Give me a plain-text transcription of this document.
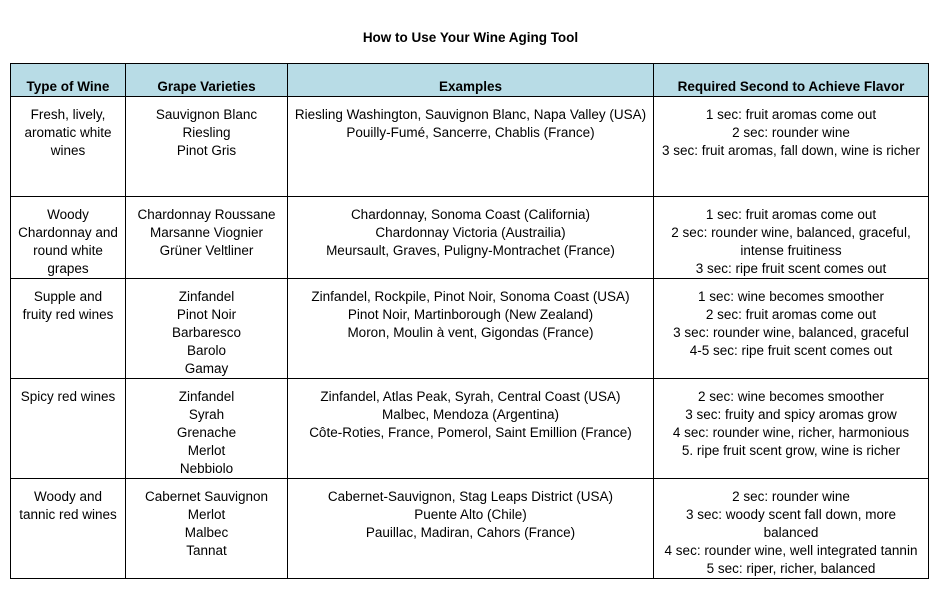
How to Use Your Wine Aging Tool
Type of Wine	Grape Varieties	Examples	Required Second to Achieve Flavor

Fresh, lively,
aromatic white
wines	Sauvignon Blanc
Riesling
Pinot Gris	Riesling Washington, Sauvignon Blanc, Napa Valley (USA)
Pouilly-Fumé, Sancerre, Chablis (France)	1 sec: fruit aromas come out
2 sec: rounder wine
3 sec: fruit aromas, fall down, wine is richer

Woody
Chardonnay and
round white
grapes	Chardonnay Roussane
Marsanne Viognier
Grüner Veltliner	Chardonnay, Sonoma Coast (California)
Chardonnay Victoria (Austrailia)
Meursault, Graves, Puligny-Montrachet (France)	1 sec: fruit aromas come out
2 sec: rounder wine, balanced, graceful,
intense fruitiness
3 sec: ripe fruit scent comes out

Supple and
fruity red wines	Zinfandel
Pinot Noir
Barbaresco
Barolo
Gamay	Zinfandel, Rockpile, Pinot Noir, Sonoma Coast (USA)
Pinot Noir, Martinborough (New Zealand)
Moron, Moulin à vent, Gigondas (France)	1 sec: wine becomes smoother
2 sec: fruit aromas come out
3 sec: rounder wine, balanced, graceful
4-5 sec: ripe fruit scent comes out

Spicy red wines	Zinfandel
Syrah
Grenache
Merlot
Nebbiolo	Zinfandel, Atlas Peak, Syrah, Central Coast (USA)
Malbec, Mendoza (Argentina)
Côte-Roties, France, Pomerol, Saint Emillion (France)	2 sec: wine becomes smoother
3 sec: fruity and spicy aromas grow
4 sec: rounder wine, richer, harmonious
5. ripe fruit scent grow, wine is richer

Woody and
tannic red wines	Cabernet Sauvignon
Merlot
Malbec
Tannat	Cabernet-Sauvignon, Stag Leaps District (USA)
Puente Alto (Chile)
Pauillac, Madiran, Cahors (France)	2 sec: rounder wine
3 sec: woody scent fall down, more
balanced
4 sec: rounder wine, well integrated tannin
5 sec: riper, richer, balanced
